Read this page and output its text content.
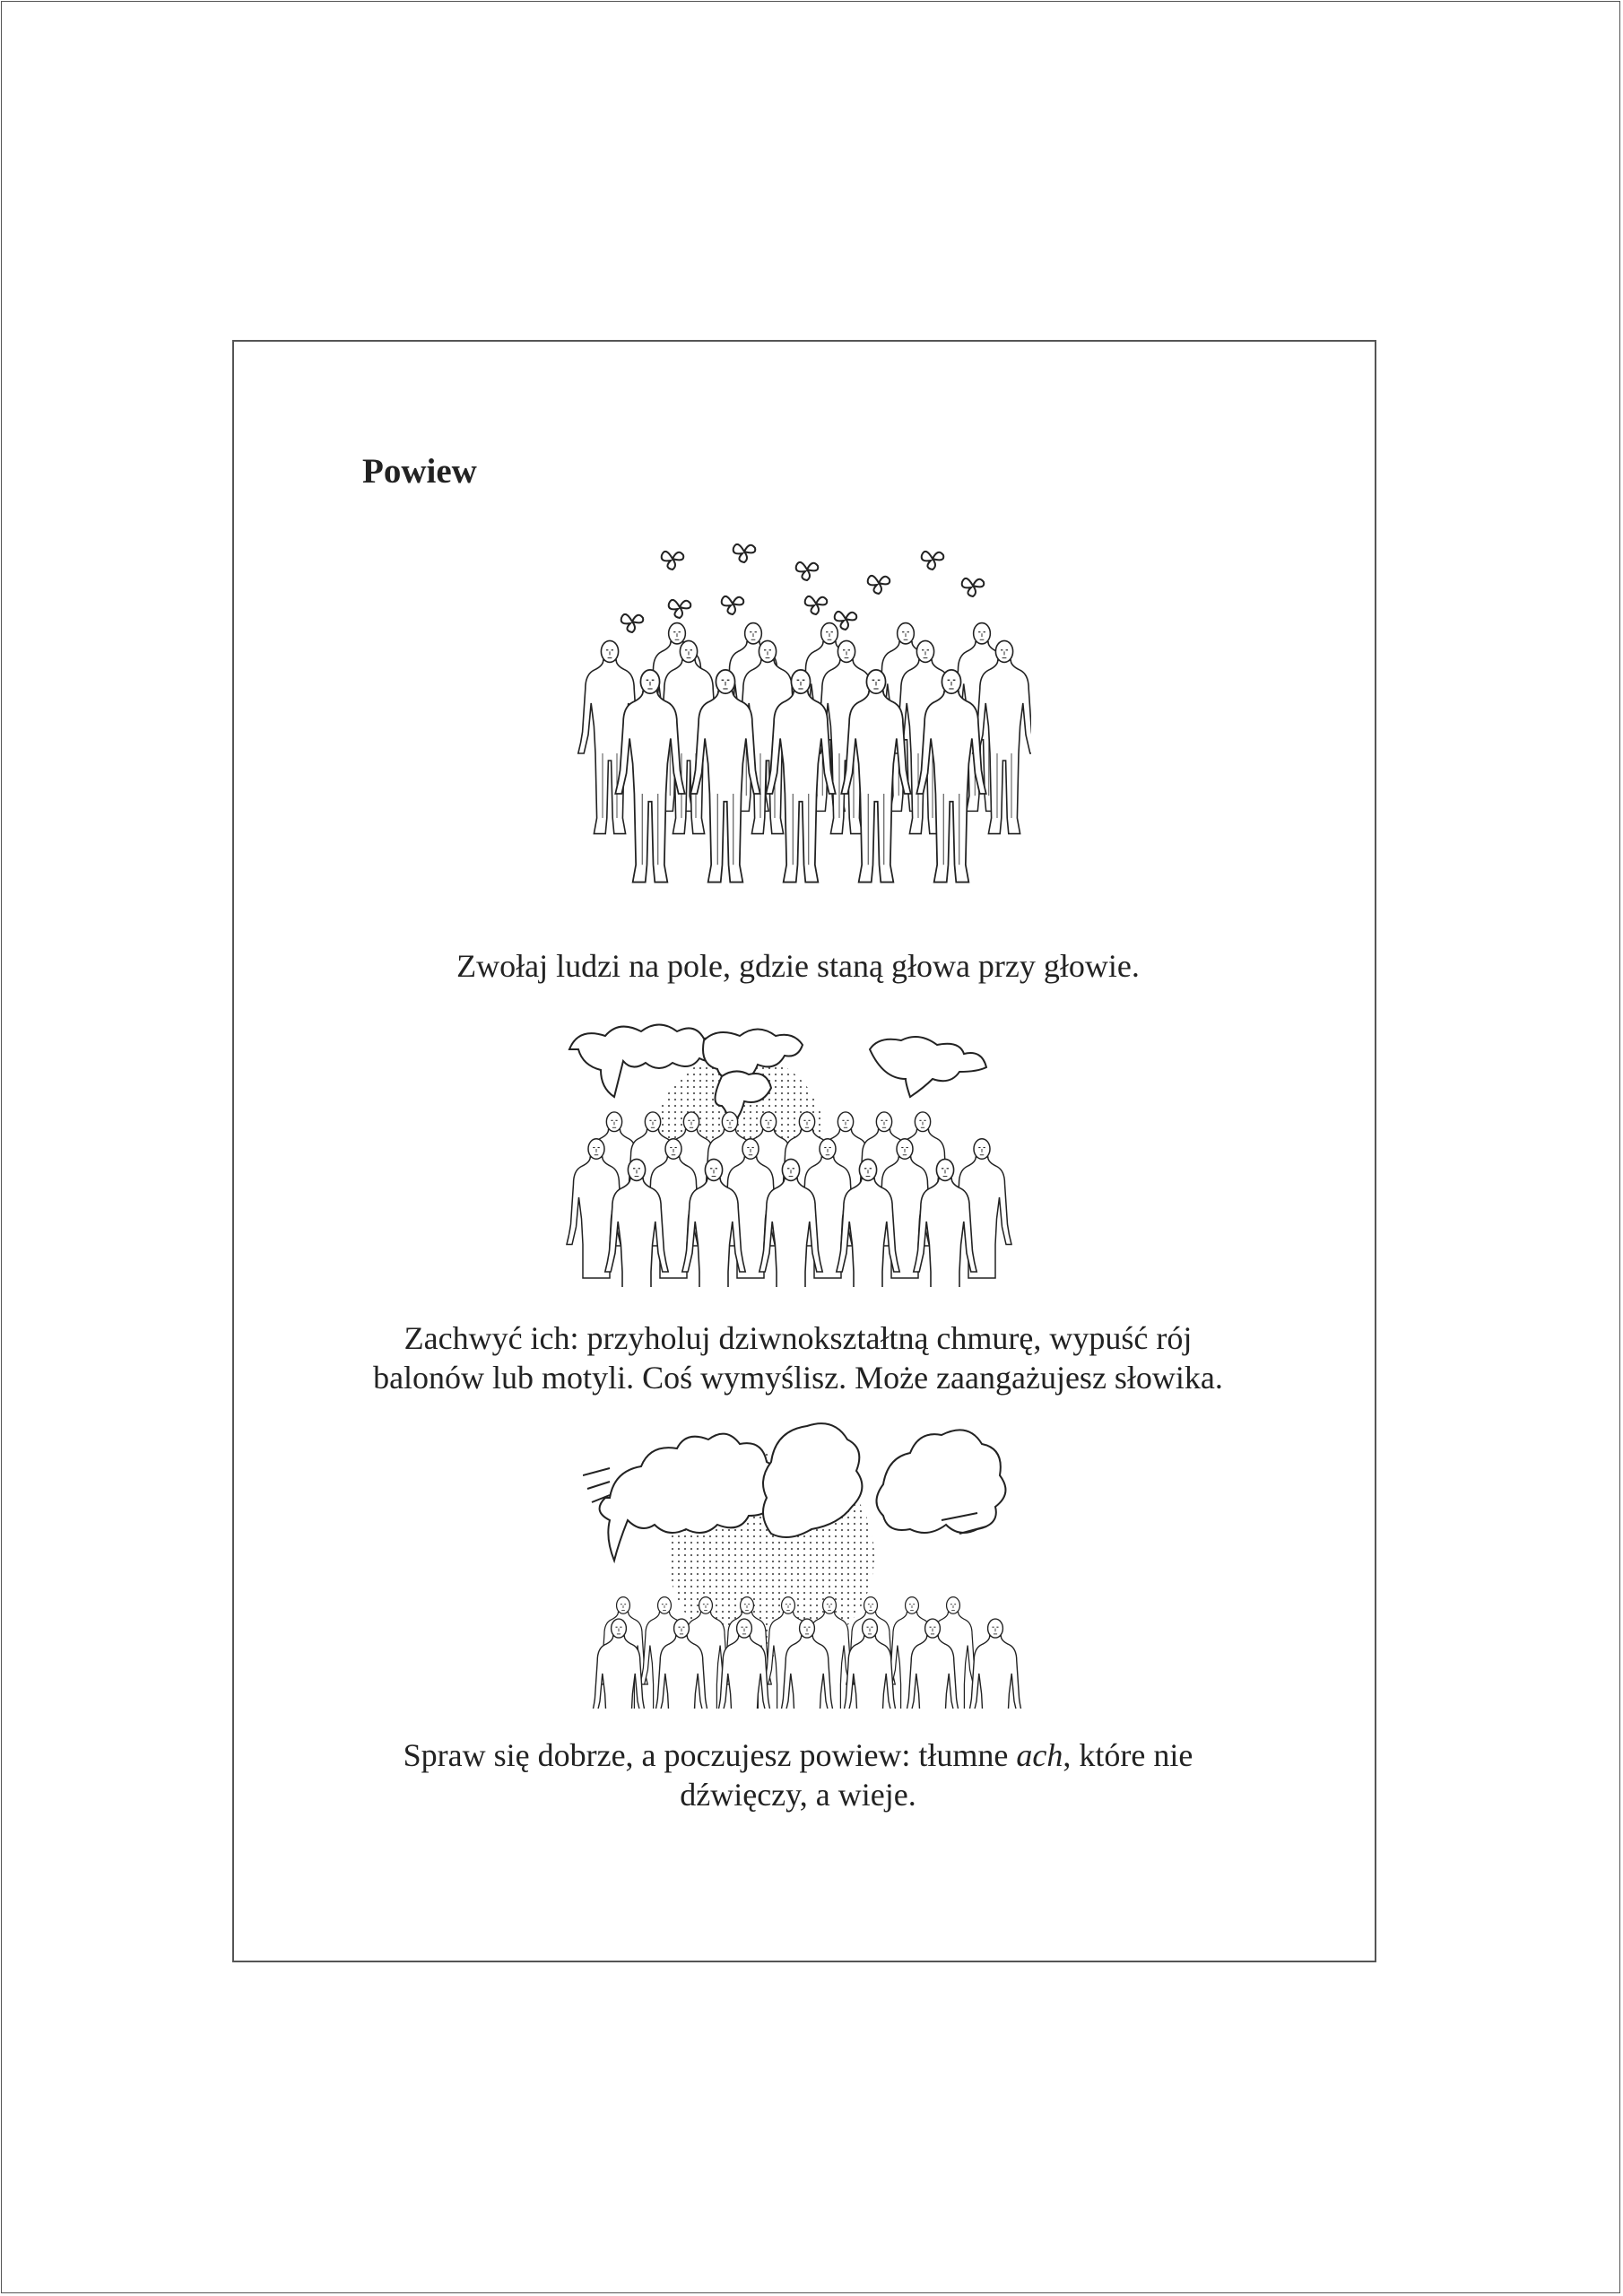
Powiew

Zwołaj ludzi na pole, gdzie staną głowa przy głowie.

Zachwyć ich: przyholuj dziwnokształtną chmurę, wypuść rój
balonów lub motyli. Coś wymyślisz. Może zaangażujesz słowika.

Spraw się dobrze, a poczujesz powiew: tłumne ach, które nie
dźwięczy, a wieje.
